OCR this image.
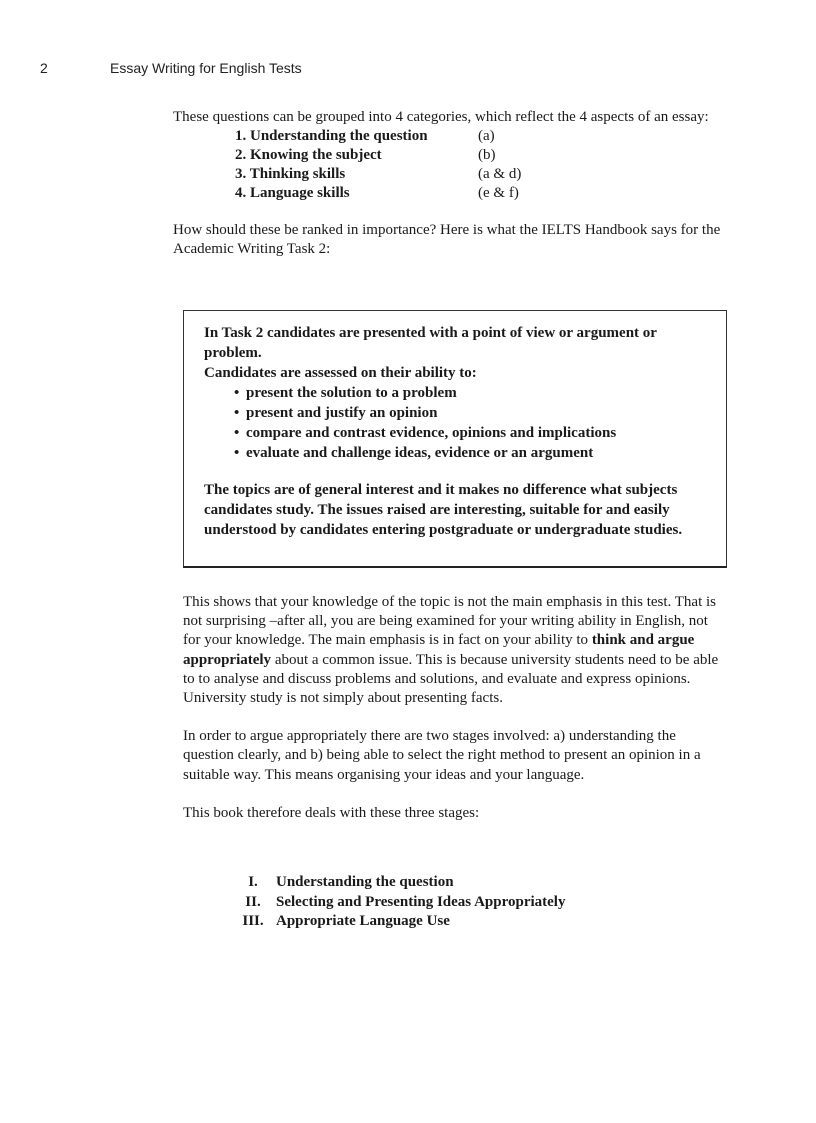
2	Essay Writing for English Tests

These questions can be grouped into 4 categories, which reflect the 4 aspects of an essay:

1. Understanding the question	(a)
2. Knowing the subject	(b)
3. Thinking skills	(a & d)
4. Language skills	(e & f)

How should these be ranked in importance? Here is what the IELTS Handbook says for the Academic Writing Task 2:

In Task 2 candidates are presented with a point of view or argument or problem.

Candidates are assessed on their ability to:

• present the solution to a problem
• present and justify an opinion
• compare and contrast evidence, opinions and implications
• evaluate and challenge ideas, evidence or an argument

The topics are of general interest and it makes no difference what subjects candidates study. The issues raised are interesting, suitable for and easily understood by candidates entering postgraduate or undergraduate studies.

This shows that your knowledge of the topic is not the main emphasis in this test. That is not surprising –after all, you are being examined for your writing ability in English, not for your knowledge. The main emphasis is in fact on your ability to think and argue appropriately about a common issue. This is because university students need to be able to to analyse and discuss problems and solutions, and evaluate and express opinions. University study is not simply about presenting facts.

In order to argue appropriately there are two stages involved: a) understanding the question clearly, and b) being able to select the right method to present an opinion in a suitable way. This means organising your ideas and your language.

This book therefore deals with these three stages:

I.	Understanding the question
II.	Selecting and Presenting Ideas Appropriately
III. Appropriate Language Use
